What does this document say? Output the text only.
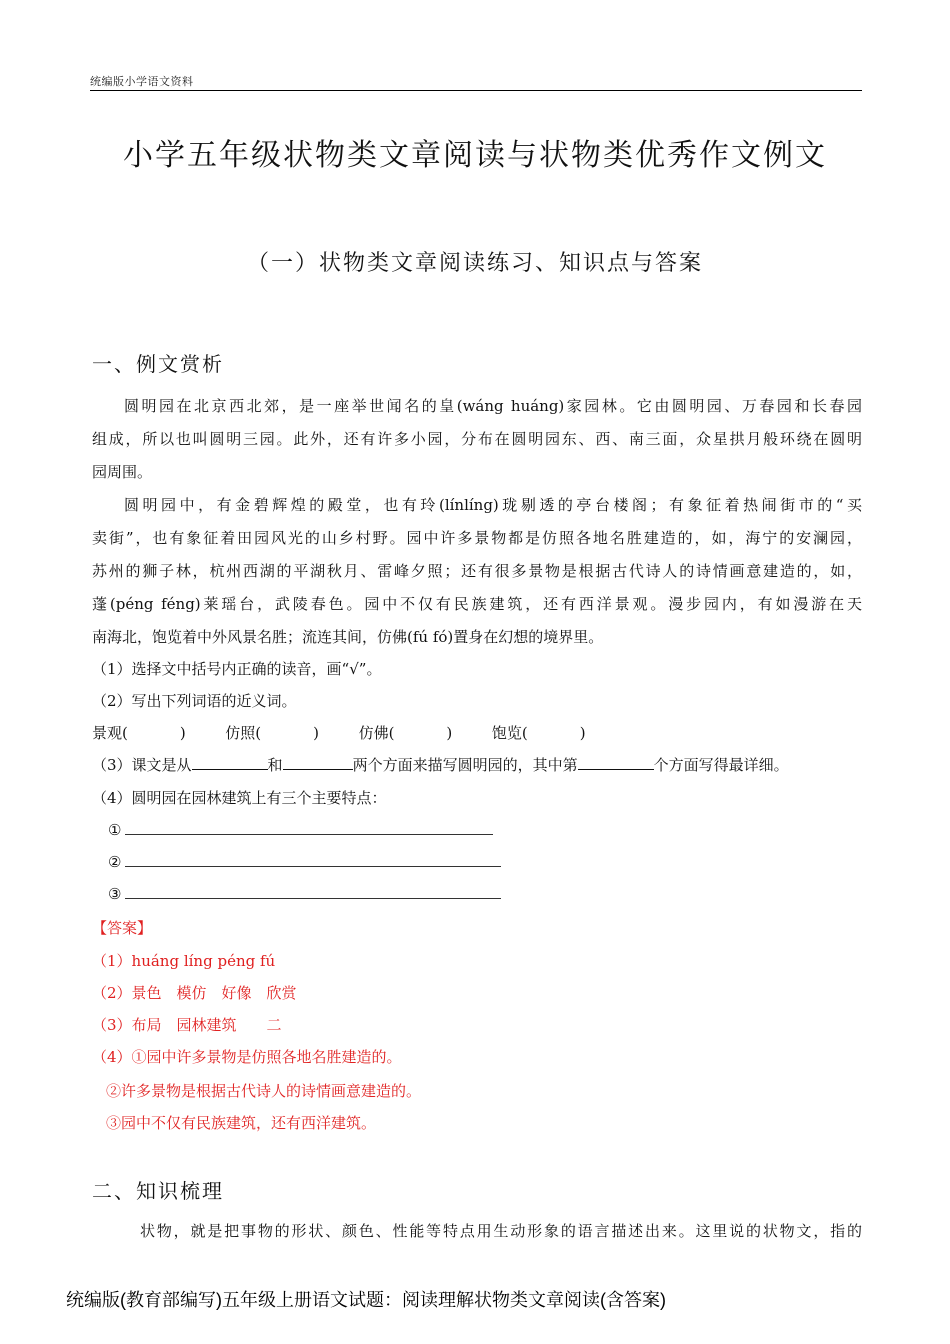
统编版小学语文资料
小学五年级状物类文章阅读与状物类优秀作文例文
（一）状物类文章阅读练习、知识点与答案
一、例文赏析
圆明园在北京西北郊，是一座举世闻名的皇(wáng huáng)家园林。它由圆明园、万春园和长春园
组成，所以也叫圆明三园。此外，还有许多小园，分布在圆明园东、西、南三面，众星拱月般环绕在圆明
园周围。
圆明园中，有金碧辉煌的殿堂，也有玲(línlíng)珑剔透的亭台楼阁；有象征着热闹街市的“买
卖街”，也有象征着田园风光的山乡村野。园中许多景物都是仿照各地名胜建造的，如，海宁的安澜园，
苏州的狮子林，杭州西湖的平湖秋月、雷峰夕照；还有很多景物是根据古代诗人的诗情画意建造的，如，
蓬(péng féng)莱瑶台，武陵春色。园中不仅有民族建筑，还有西洋景观。漫步园内，有如漫游在天
南海北，饱览着中外风景名胜；流连其间，仿佛(fú fó)置身在幻想的境界里。
（1）选择文中括号内正确的读音，画“√”。
（2）写出下列词语的近义词。
景观(	)	仿照(	)	仿佛(	)	饱览(	)
（3）课文是从	和	两个方面来描写圆明园的，其中第	个方面写得最详细。
（4）圆明园在园林建筑上有三个主要特点：
①
②
③
【答案】
（1）huáng líng péng fú
（2）景色　模仿　好像　欣赏
（3）布局　园林建筑　　二
（4）①园中许多景物是仿照各地名胜建造的。
②许多景物是根据古代诗人的诗情画意建造的。
③园中不仅有民族建筑，还有西洋建筑。
二、知识梳理
状物，就是把事物的形状、颜色、性能等特点用生动形象的语言描述出来。这里说的状物文，指的
统编版(教育部编写)五年级上册语文试题：阅读理解状物类文章阅读(含答案)
